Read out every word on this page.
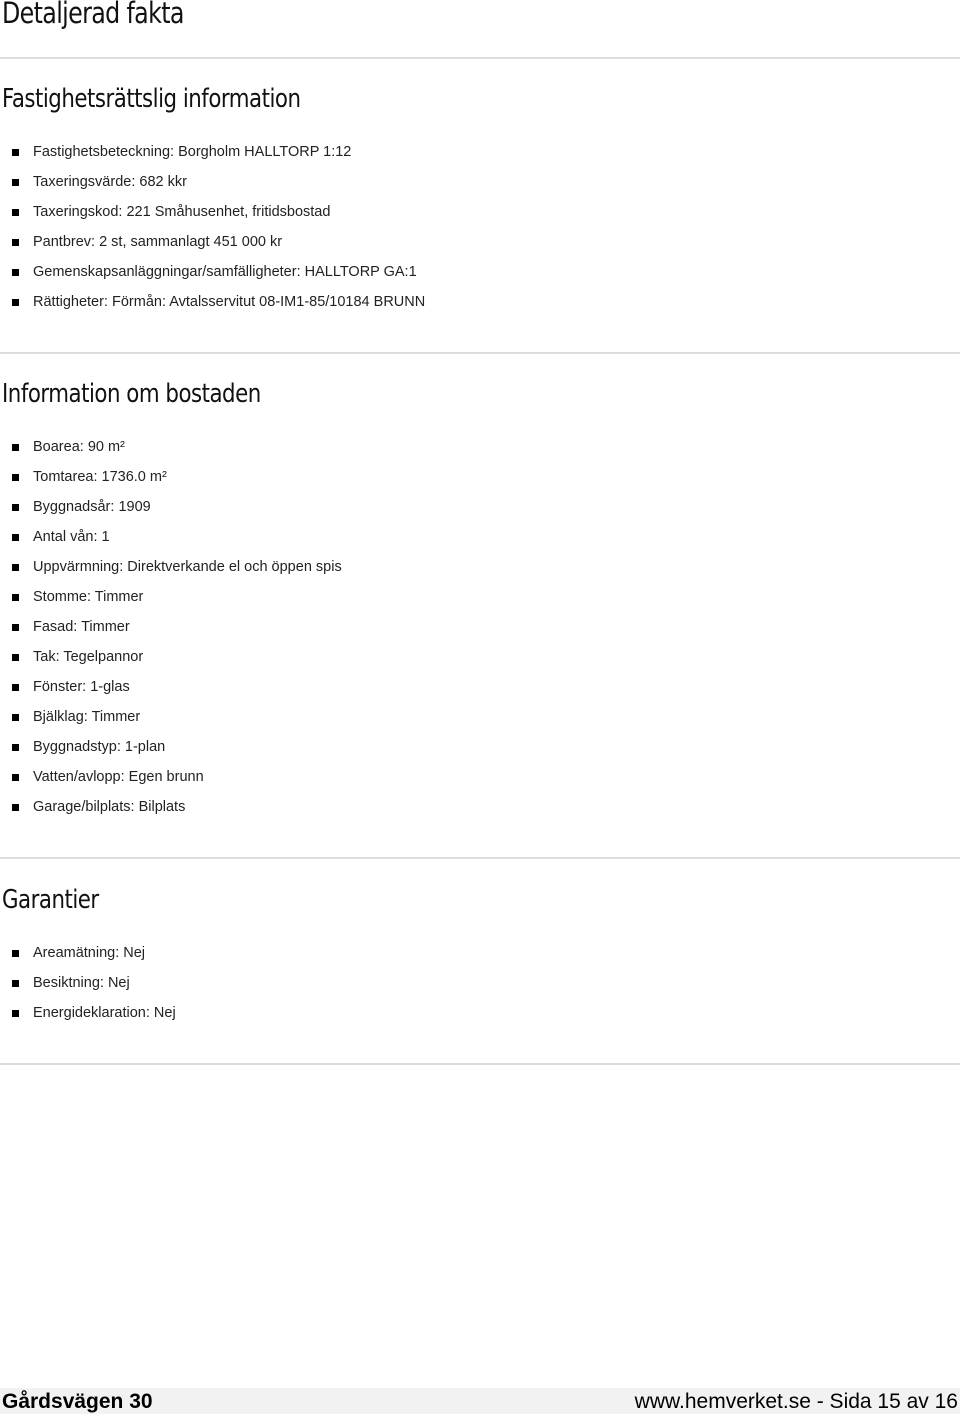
Detaljerad fakta
Fastighetsrättslig information
Fastighetsbeteckning: Borgholm HALLTORP 1:12
Taxeringsvärde: 682 kkr
Taxeringskod: 221 Småhusenhet, fritidsbostad
Pantbrev: 2 st, sammanlagt 451 000 kr
Gemenskapsanläggningar/samfälligheter: HALLTORP GA:1
Rättigheter: Förmån: Avtalsservitut 08-IM1-85/10184 BRUNN
Information om bostaden
Boarea: 90 m²
Tomtarea: 1736.0 m²
Byggnadsår: 1909
Antal vån: 1
Uppvärmning: Direktverkande el och öppen spis
Stomme: Timmer
Fasad: Timmer
Tak: Tegelpannor
Fönster: 1-glas
Bjälklag: Timmer
Byggnadstyp: 1-plan
Vatten/avlopp: Egen brunn
Garage/bilplats: Bilplats
Garantier
Areamätning: Nej
Besiktning: Nej
Energideklaration: Nej
Gårdsvägen 30	www.hemverket.se - Sida 15 av 16
